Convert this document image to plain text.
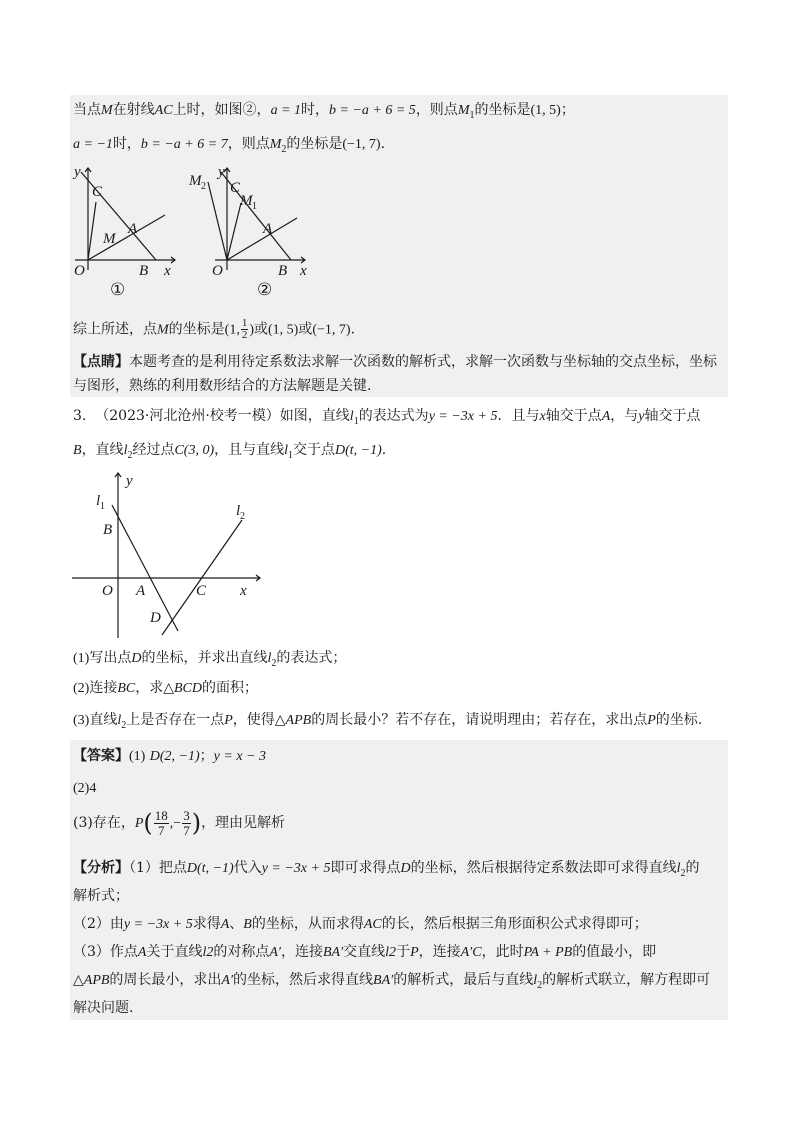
当点M在射线AC上时，如图②，a = 1时，b = −a + 6 = 5，则点$M_1$的坐标是(1, 5)；
a = −1时，b = −a + 6 = 7，则点$M_2$的坐标是(−1, 7).
y
C
A
M
O	B x
①
y
M 2 C
M 1
A
O	B x
②
综上所述，点M的坐标是(1, $\frac{1}{2}$ )或(1, 5)或(−1, 7).
【点睛】本题考查的是利用待定系数法求解一次函数的解析式，求解一次函数与坐标轴的交点坐标，坐标
与图形，熟练的利用数形结合的方法解题是关键.
3. （2023·河北沧州·校考一模）如图，直线$l_1$的表达式为y = −3x + 5．且与x轴交于点A，与y轴交于点
B，直线$l_2$经过点C(3, 0)，且与直线$l_1$交于点D(t, −1).
y
l 1
B
l 2
O A	C x
D
(1)写出点D的坐标，并求出直线$l_2$的表达式；
(2)连接BC，求△BCD的面积；
(3)直线$l_2$上是否存在一点P，使得△APB的周长最小？若不存在，请说明理由；若存在，求出点P的坐标.
【答案】(1) D(2, −1)；y = x − 3
(2)4
(3)存在，$P( \frac{18}{7}$ ,− $\frac{3}{7}$ )，理由见解析
【分析】（1）把点D(t, −1)代入y = −3x + 5即可求得点D的坐标，然后根据待定系数法即可求得直线$l_2$的
解析式；
（2）由y = −3x + 5求得A、B的坐标，从而求得AC的长，然后根据三角形面积公式求得即可；
（3）作点A关于直线l2的对称点A′，连接BA′交直线l2于P，连接A′C，此时PA + PB的值最小，即
△APB的周长最小，求出A′的坐标，然后求得直线BA′的解析式，最后与直线$l_2$的解析式联立，解方程即可
解决问题.
